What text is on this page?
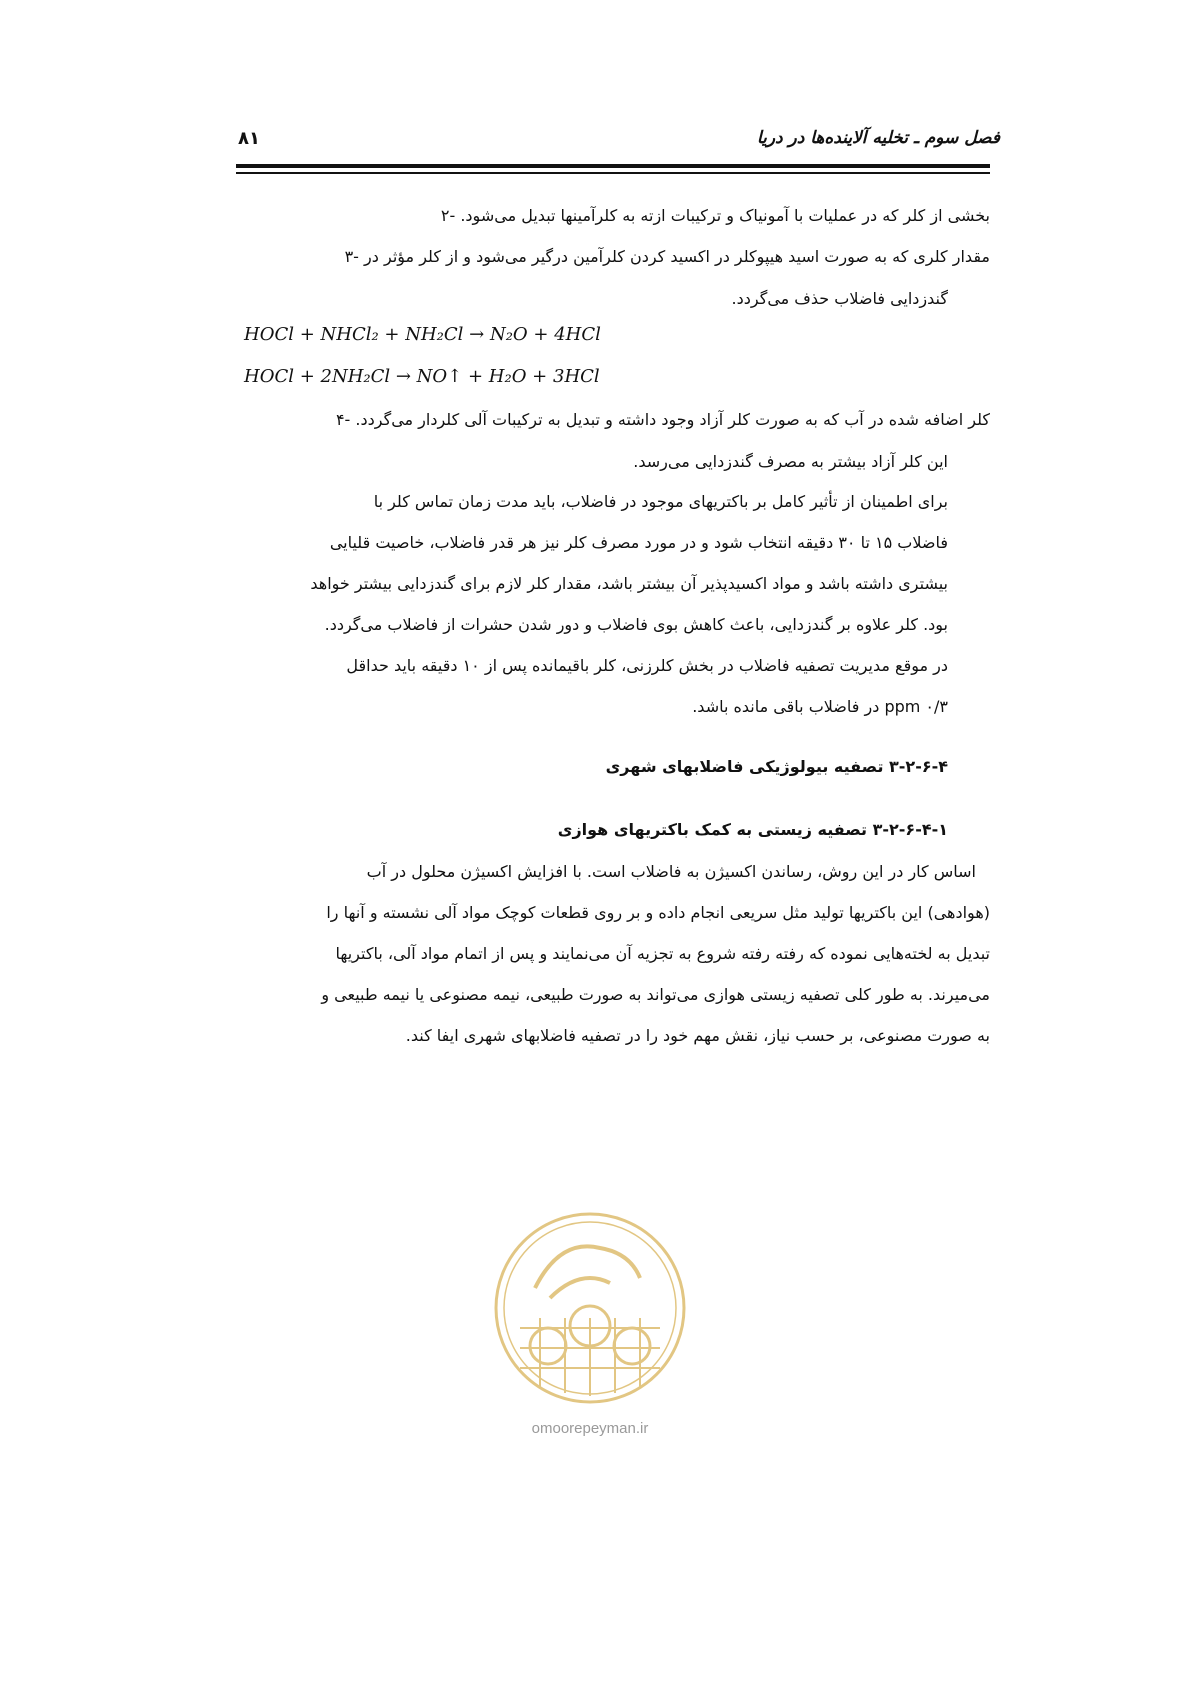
فصل سوم ـ تخلیه آلاینده‌ها در دریا
۸۱
بخشی از کلر که در عملیات با آمونیاک و ترکیبات ازته به کلرآمینها تبدیل می‌شود. -۲
مقدار کلری که به صورت اسید هیپوکلر در اکسید کردن کلرآمین درگیر می‌شود و از کلر مؤثر در -۳
گندزدایی فاضلاب حذف می‌گردد.
کلر اضافه شده در آب که به صورت کلر آزاد وجود داشته و تبدیل به ترکیبات آلی کلردار می‌گردد. -۴
این کلر آزاد بیشتر به مصرف گندزدایی می‌رسد.
برای اطمینان از تأثیر کامل بر باکتریهای موجود در فاضلاب، باید مدت زمان تماس کلر با
فاضلاب ۱۵ تا ۳۰ دقیقه انتخاب شود و در مورد مصرف کلر نیز هر قدر فاضلاب، خاصیت قلیایی
بیشتری داشته باشد و مواد اکسیدپذیر آن بیشتر باشد، مقدار کلر لازم برای گندزدایی بیشتر خواهد
بود. کلر علاوه بر گندزدایی، باعث کاهش بوی فاضلاب و دور شدن حشرات از فاضلاب می‌گردد.
در موقع مدیریت تصفیه فاضلاب در بخش کلرزنی، کلر باقیمانده پس از ۱۰ دقیقه باید حداقل
ppm ۰/۳ در فاضلاب باقی مانده باشد.
۳-۲-۶-۴ تصفیه بیولوژیکی فاضلابهای شهری
۳-۲-۶-۴-۱ تصفیه زیستی به کمک باکتریهای هوازی
اساس کار در این روش، رساندن اکسیژن به فاضلاب است. با افزایش اکسیژن محلول در آب
(هوادهی) این باکتریها تولید مثل سریعی انجام داده و بر روی قطعات کوچک مواد آلی نشسته و آنها را
تبدیل به لخته‌هایی نموده که رفته رفته شروع به تجزیه آن می‌نمایند و پس از اتمام مواد آلی، باکتریها
می‌میرند. به طور کلی تصفیه زیستی هوازی می‌تواند به صورت طبیعی، نیمه مصنوعی یا نیمه طبیعی و
به صورت مصنوعی، بر حسب نیاز، نقش مهم خود را در تصفیه فاضلابهای شهری ایفا کند.
HOCl + NHCl₂ + NH₂Cl → N₂O + 4HCl
HOCl + 2NH₂Cl → NO↑ + H₂O + 3HCl
omoorepeyman.ir
